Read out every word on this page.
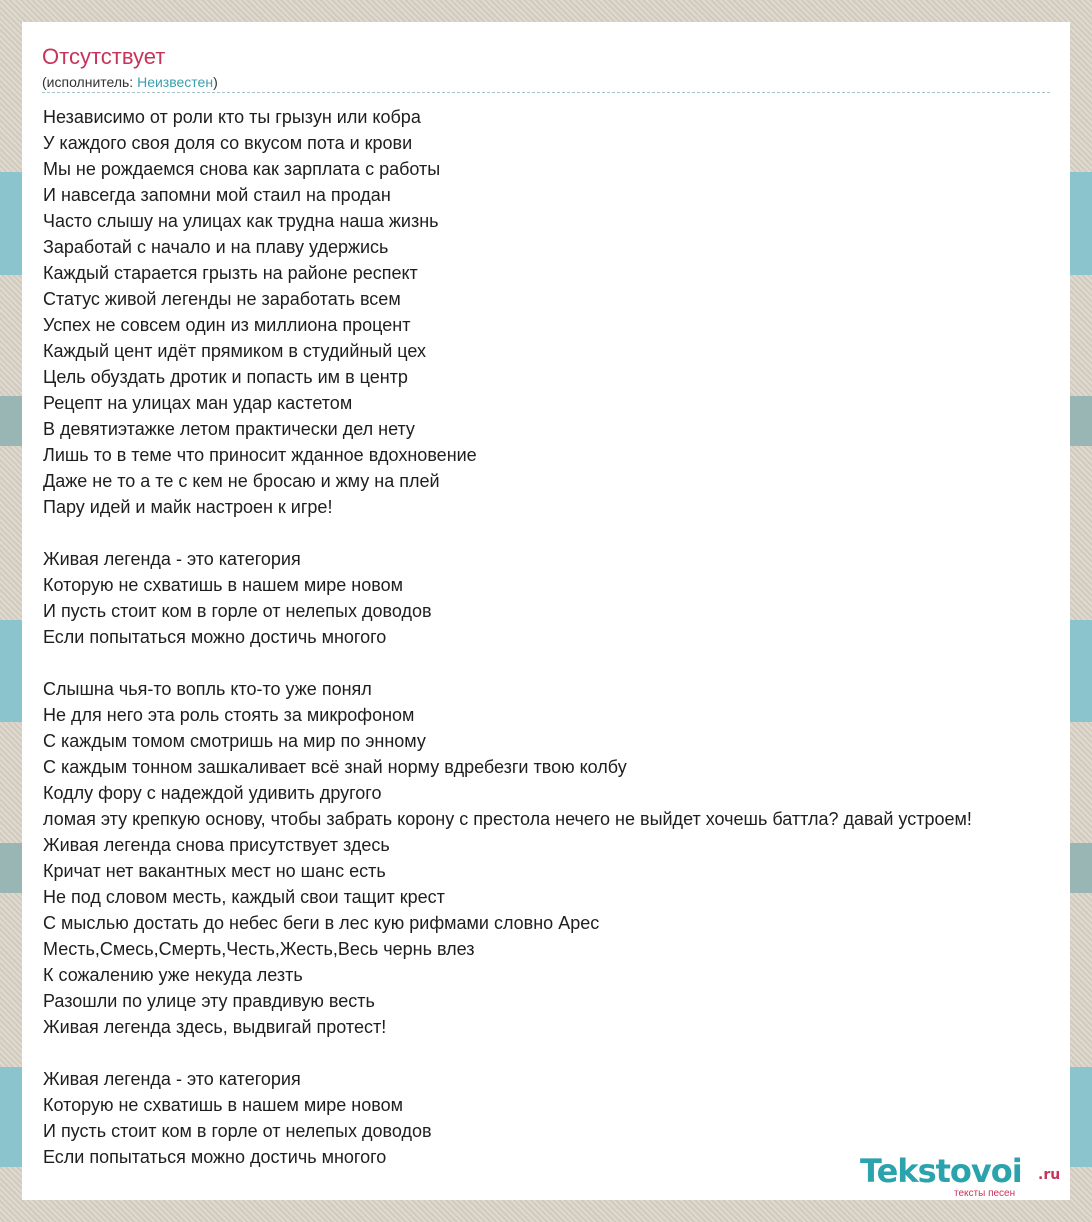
Отсутствует
(исполнитель: Неизвестен)
Независимо от роли кто ты грызун или кобра
У каждого своя доля со вкусом пота и крови
Мы не рождаемся снова как зарплата с работы
И навсегда запомни мой стаил на продан
Часто слышу на улицах как трудна наша жизнь
Заработай с начало и на плаву удержись
Каждый старается грызть на районе респект
Статус живой легенды не заработать всем
Успех не совсем один из миллиона процент
Каждый цент идёт прямиком в студийный цех
Цель обуздать дротик и попасть им в центр
Рецепт на улицах ман удар кастетом
В девятиэтажке летом практически дел нету
Лишь то в теме что приносит жданное вдохновение
Даже не то а те с кем не бросаю и жму на плей
Пару идей и майк настроен к игре!
Живая легенда - это категория
Которую не схватишь в нашем мире новом
И пусть стоит ком в горле от нелепых доводов
Если попытаться можно достичь многого
Слышна чья-то вопль кто-то уже понял
Не для него эта роль стоять за микрофоном
С каждым томом смотришь на мир по энному
С каждым тонном зашкаливает всё знай норму вдребезги твою колбу
Кодлу фору с надеждой удивить другого
ломая эту крепкую основу, чтобы забрать корону с престола нечего не выйдет хочешь баттла? давай устроем!
Живая легенда снова присутствует здесь
Кричат нет вакантных мест но шанс есть
Не под словом месть, каждый свои тащит крест
С мыслью достать до небес беги в лес кую рифмами словно Арес
Месть,Смесь,Смерть,Честь,Жесть,Весь чернь влез
К сожалению уже некуда лезть
Разошли по улице эту правдивую весть
Живая легенда здесь, выдвигай протест!
Живая легенда - это категория
Которую не схватишь в нашем мире новом
И пусть стоит ком в горле от нелепых доводов
Если попытаться можно достичь многого	Tekstovoi .ru
тексты песен
